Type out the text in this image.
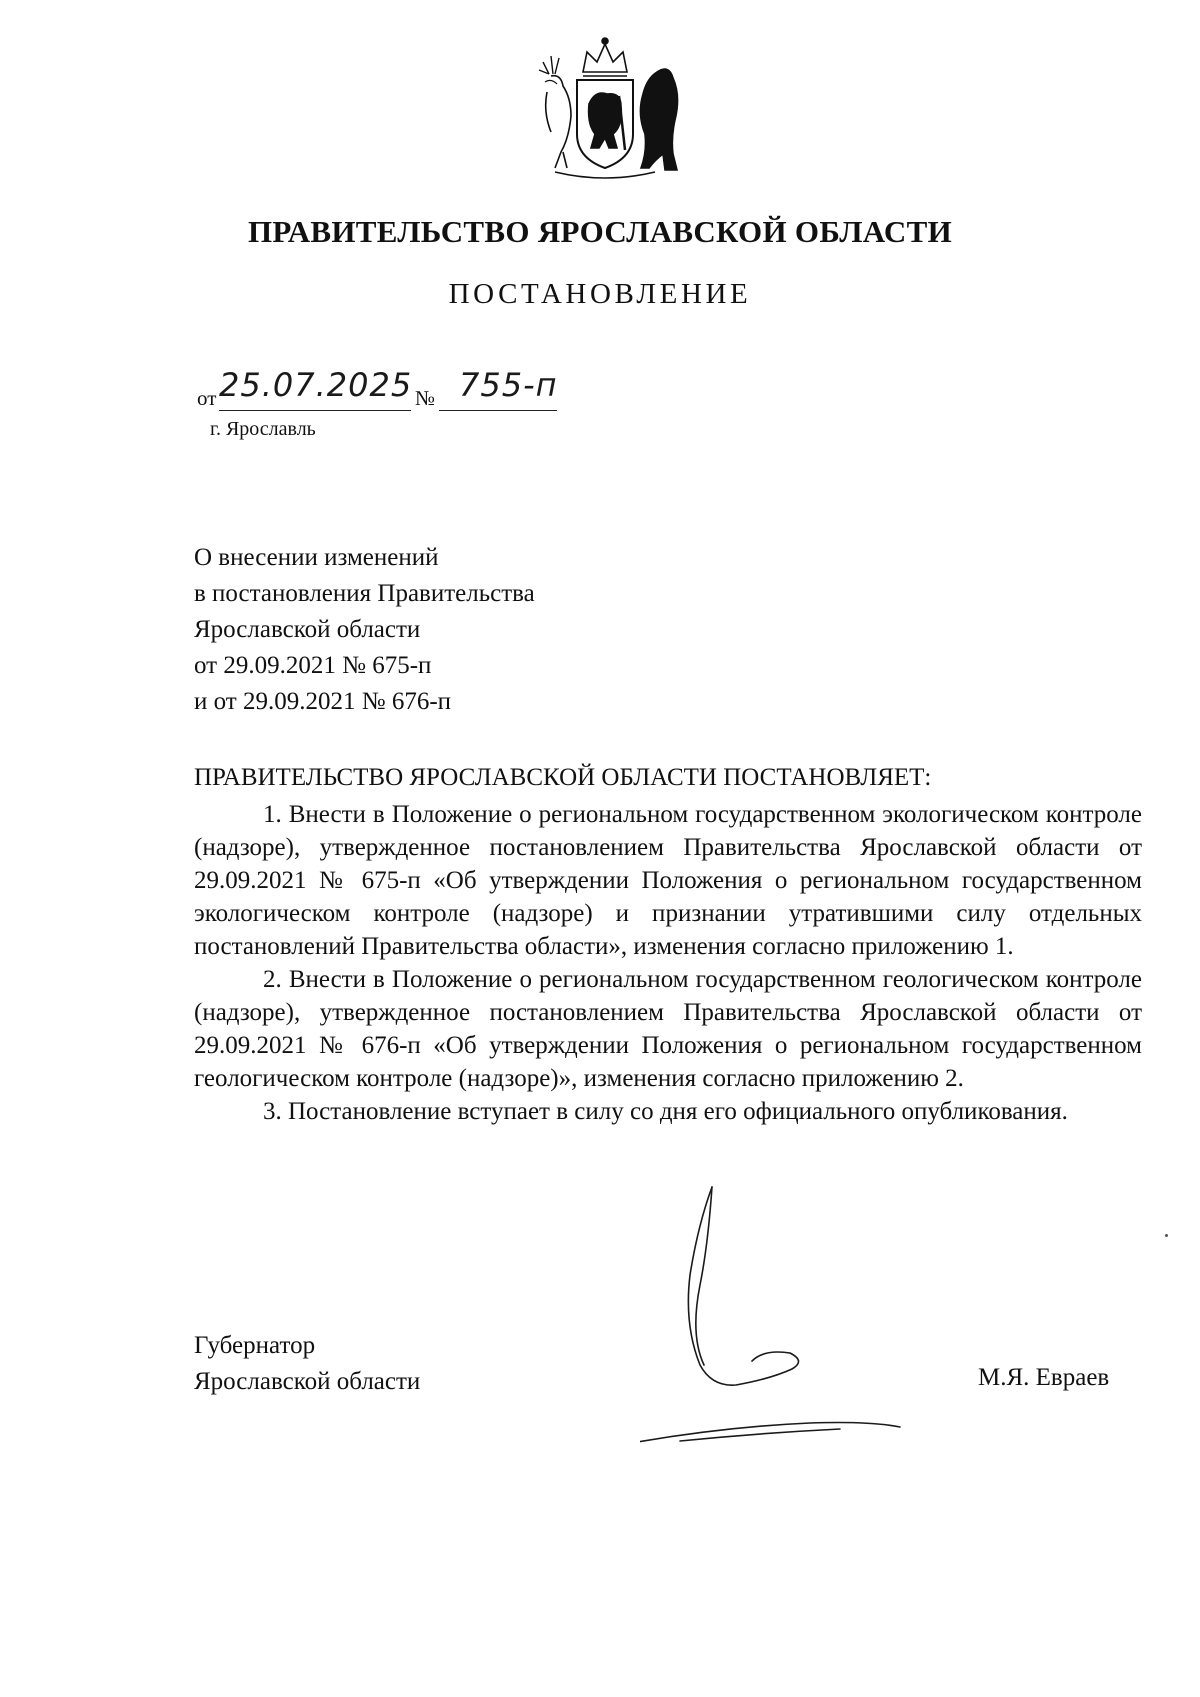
ПРАВИТЕЛЬСТВО ЯРОСЛАВСКОЙ ОБЛАСТИ
ПОСТАНОВЛЕНИЕ
от 25.07.2025 № 755-п
г. Ярославль
О внесении изменений
в постановления Правительства
Ярославской области
от 29.09.2021 № 675-п
и от 29.09.2021 № 676-п
ПРАВИТЕЛЬСТВО ЯРОСЛАВСКОЙ ОБЛАСТИ ПОСТАНОВЛЯЕТ:

1. Внести в Положение о региональном государственном экологическом контроле (надзоре), утвержденное постановлением Правительства Ярославской области от 29.09.2021 № 675-п «Об утверждении Положения о региональном государственном экологическом контроле (надзоре) и признании утратившими силу отдельных постановлений Правительства области», изменения согласно приложению 1.

2. Внести в Положение о региональном государственном геологическом контроле (надзоре), утвержденное постановлением Правительства Ярославской области от 29.09.2021 № 676-п «Об утверждении Положения о региональном государственном геологическом контроле (надзоре)», изменения согласно приложению 2.

3. Постановление вступает в силу со дня его официального опубликования.

Губернатор
Ярославской области	М.Я. Евраев
